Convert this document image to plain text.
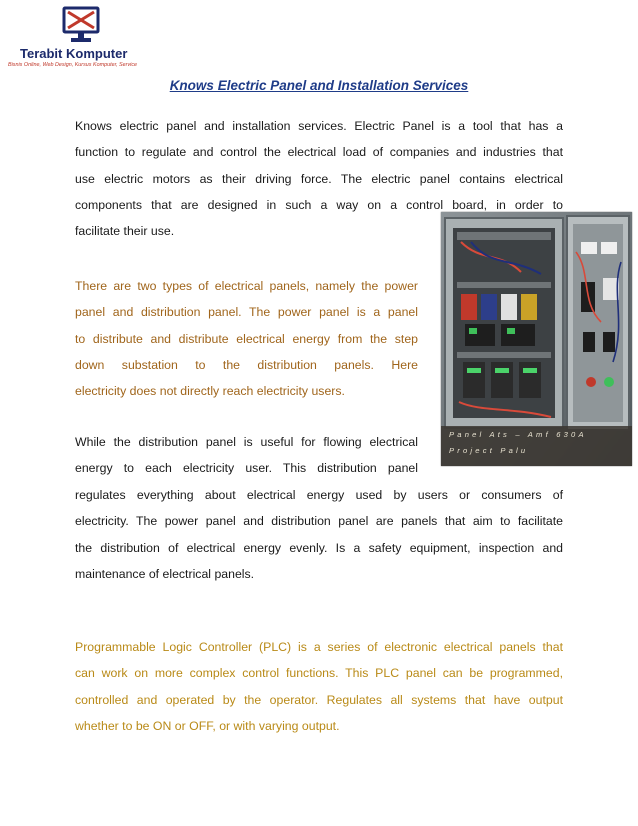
Terabit Komputer
Bisnis Online, Web Design, Kursus Komputer, Service
Knows Electric Panel and Installation Services
Knows electric panel and installation services. Electric Panel is a tool that has a
function to regulate and control the electrical load of companies and industries that
use electric motors as their driving force. The electric panel contains electrical
components that are designed in such a way on a control board, in order to
facilitate their use.
There are two types of electrical panels, namely the power
panel and distribution panel. The power panel is a panel
to distribute and distribute electrical energy from the step
down substation to the distribution panels. Here
electricity does not directly reach electricity users.
While the distribution panel is useful for flowing electrical
energy to each electricity user. This distribution panel
regulates everything about electrical energy used by users or consumers of
electricity. The power panel and distribution panel are panels that aim to facilitate
the distribution of electrical energy evenly. Is a safety equipment, inspection and
maintenance of electrical panels.
Programmable Logic Controller (PLC) is a series of electronic electrical panels that
can work on more complex control functions. This PLC panel can be programmed,
controlled and operated by the operator. Regulates all systems that have output
whether to be ON or OFF, or with varying output.
Panel Ats – Amf 630A
Project Palu
